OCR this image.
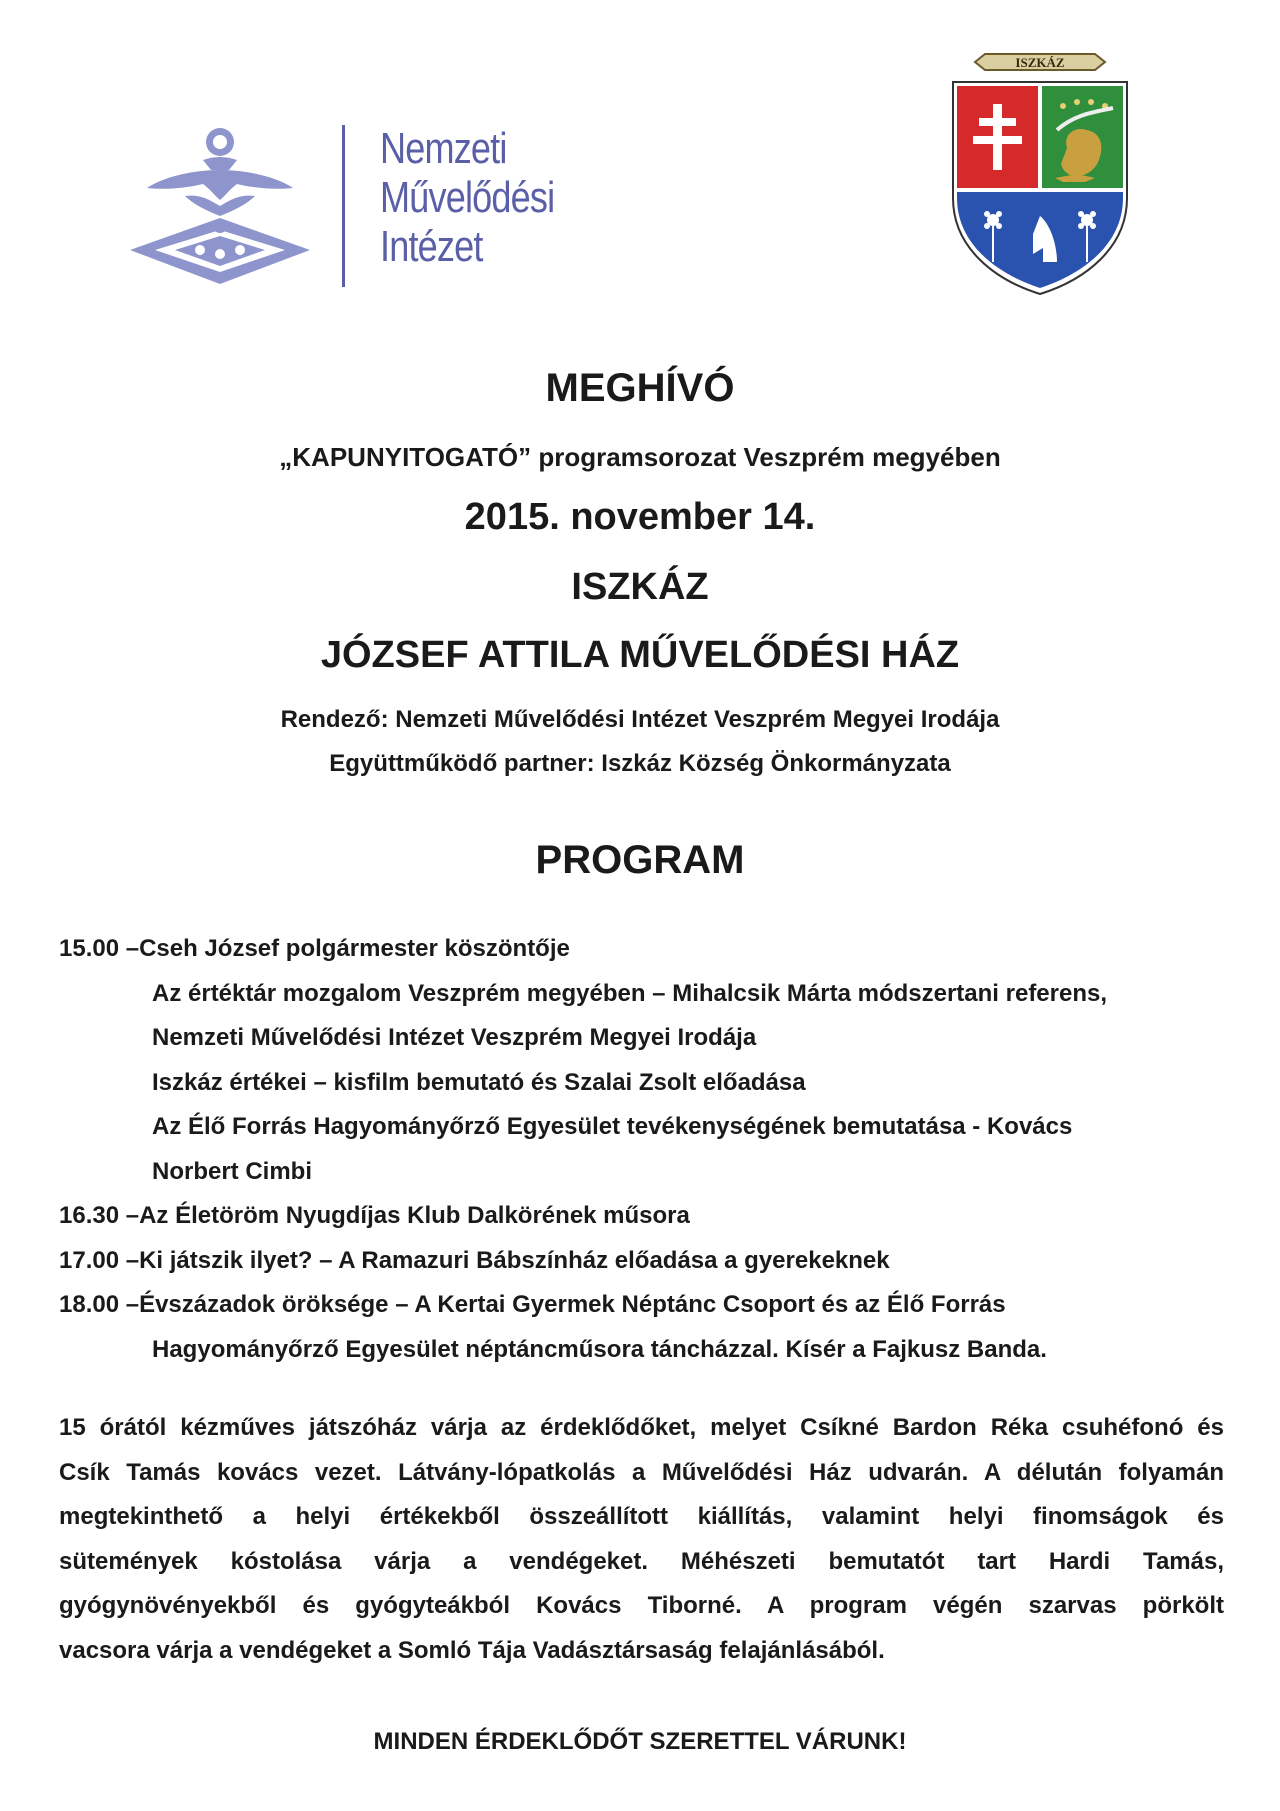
Nemzeti
Művelődési
Intézet
ISZKÁZ
MEGHÍVÓ
„KAPUNYITOGATÓ” programsorozat Veszprém megyében
2015. november 14.
ISZKÁZ
JÓZSEF ATTILA MŰVELŐDÉSI HÁZ
Rendező: Nemzeti Művelődési Intézet Veszprém Megyei Irodája
Együttműködő partner: Iszkáz Község Önkormányzata
PROGRAM
15.00 –Cseh József polgármester köszöntője
Az értéktár mozgalom Veszprém megyében – Mihalcsik Márta módszertani referens,
Nemzeti Művelődési Intézet Veszprém Megyei Irodája
Iszkáz értékei – kisfilm bemutató és Szalai Zsolt előadása
Az Élő Forrás Hagyományőrző Egyesület tevékenységének bemutatása - Kovács
Norbert Cimbi
16.30 –Az Életöröm Nyugdíjas Klub Dalkörének műsora
17.00 –Ki játszik ilyet? – A Ramazuri Bábszínház előadása a gyerekeknek
18.00 –Évszázadok öröksége – A Kertai Gyermek Néptánc Csoport és az Élő Forrás
Hagyományőrző Egyesület néptáncműsora táncházzal. Kísér a Fajkusz Banda.
15 órától kézműves játszóház várja az érdeklődőket, melyet Csíkné Bardon Réka csuhéfonó és
Csík Tamás kovács vezet. Látvány-lópatkolás a Művelődési Ház udvarán. A délután folyamán
megtekinthető a helyi értékekből összeállított kiállítás, valamint helyi finomságok és
sütemények kóstolása várja a vendégeket. Méhészeti bemutatót tart Hardi Tamás,
gyógynövényekből és gyógyteákból Kovács Tiborné. A program végén szarvas pörkölt
vacsora várja a vendégeket a Somló Tája Vadásztársaság felajánlásából.
MINDEN ÉRDEKLŐDŐT SZERETTEL VÁRUNK!
